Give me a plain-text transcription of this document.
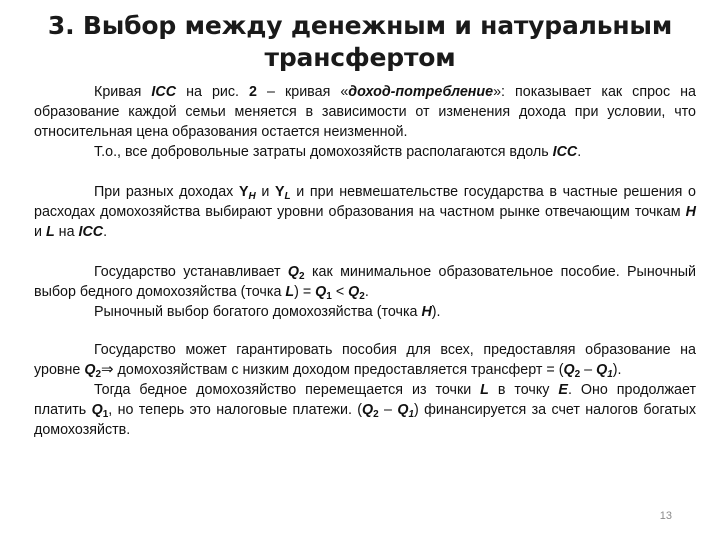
3. Выбор между денежным и натуральным
трансфертом

Кривая ICC на рис. 2 – кривая «доход-потребление»: показывает как спрос на образование каждой семьи меняется в зависимости от изменения дохода при условии, что относительная цена образования остается неизменной.

Т.о., все добровольные затраты домохозяйств располагаются вдоль ICC.

При разных доходах $Y_H$ и $Y_L$ и при невмешательстве государства в частные решения о расходах домохозяйства выбирают уровни образования на частном рынке отвечающим точкам H и L на ICC.

Государство устанавливает $Q_2$ как минимальное образовательное пособие. Рыночный выбор бедного домохозяйства (точка $L) = Q_1 < Q_2$.

Рыночный выбор богатого домохозяйства (точка H).

Государство может гарантировать пособия для всех, предоставляя образование на уровне $Q_2\Rightarrow$ домохозяйствам с низким доходом предоставляется трансферт = $(Q_2 - Q_1)$.

Тогда бедное домохозяйство перемещается из точки L в точку E. Оно продолжает платить $Q_1$, но теперь это налоговые платежи. $(Q_2 - Q_1)$ финансируется за счет налогов богатых домохозяйств.

13
